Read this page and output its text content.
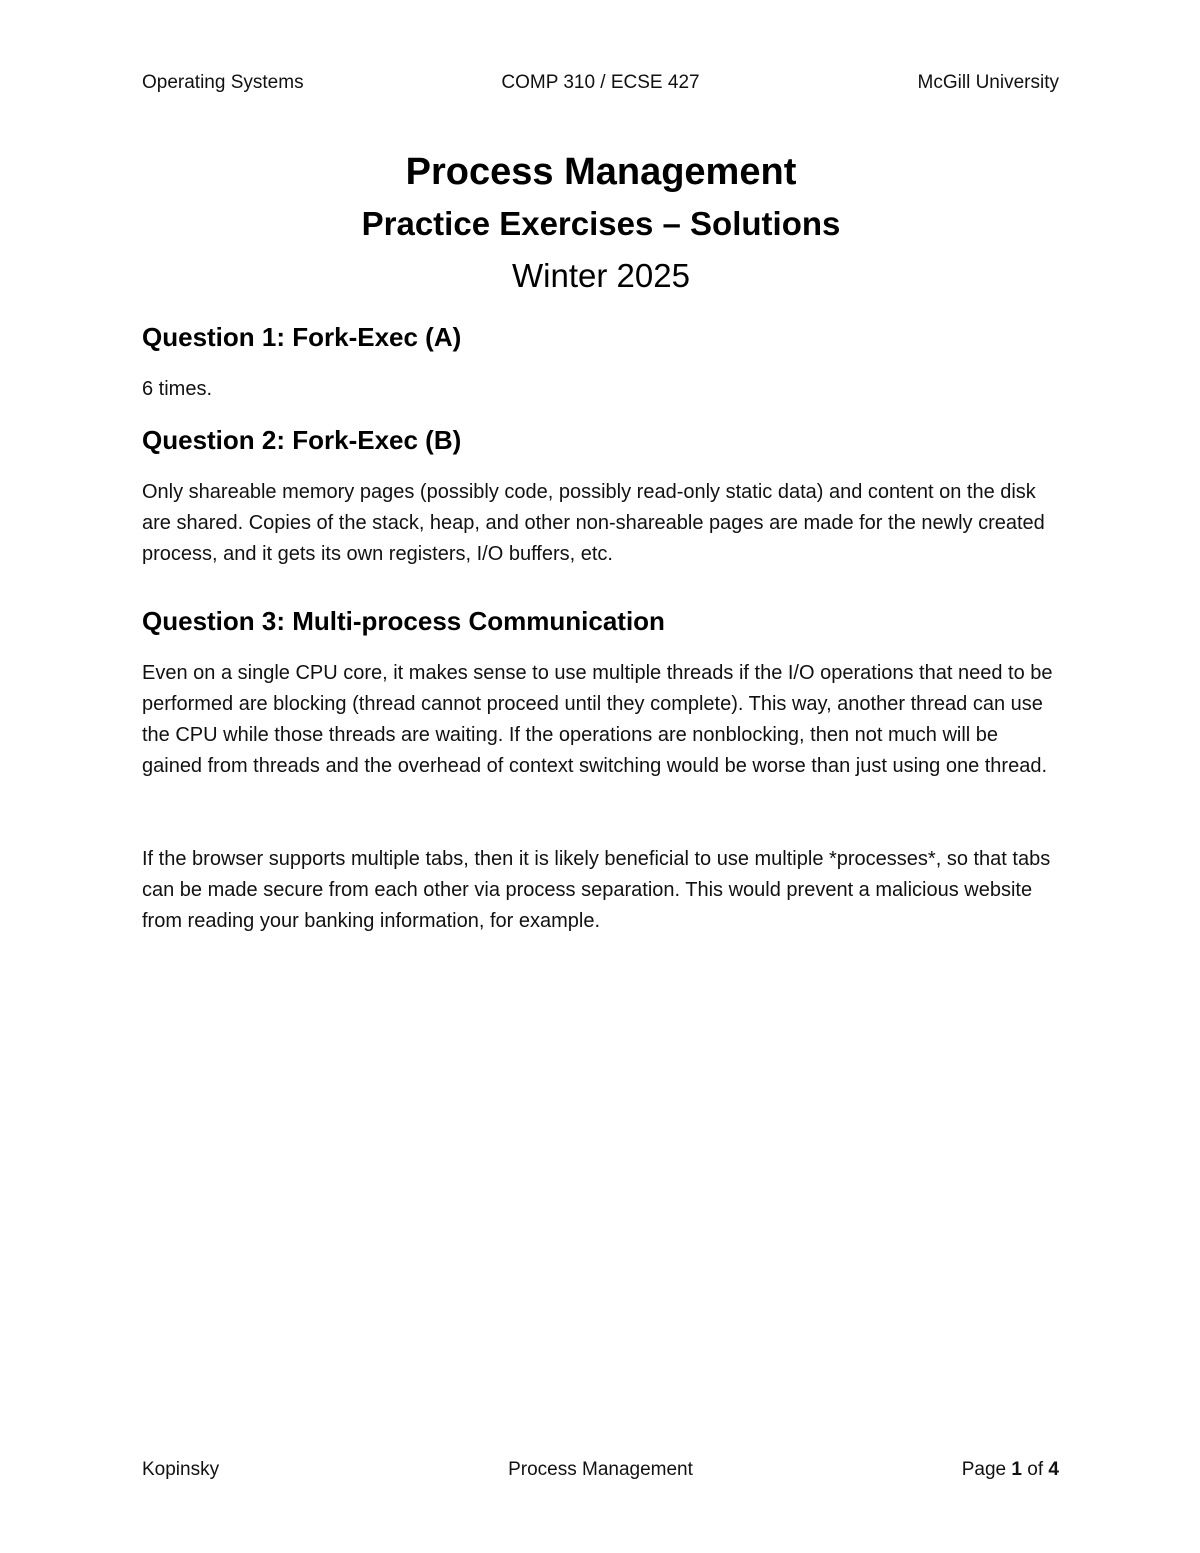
Operating Systems	COMP 310 / ECSE 427	McGill University
Process Management
Practice Exercises – Solutions
Winter 2025
Question 1: Fork-Exec (A)

6 times.

Question 2: Fork-Exec (B)

Only shareable memory pages (possibly code, possibly read-only static data) and content on the disk are shared. Copies of the stack, heap, and other non-shareable pages are made for the newly created process, and it gets its own registers, I/O buffers, etc.

Question 3: Multi-process Communication

Even on a single CPU core, it makes sense to use multiple threads if the I/O operations that need to be performed are blocking (thread cannot proceed until they complete). This way, another thread can use the CPU while those threads are waiting. If the operations are nonblocking, then not much will be gained from threads and the overhead of context switching would be worse than just using one thread.

If the browser supports multiple tabs, then it is likely beneficial to use multiple *processes*, so that tabs can be made secure from each other via process separation. This would prevent a malicious website from reading your banking information, for example.

Kopinsky	Process Management	Page 1 of 4
